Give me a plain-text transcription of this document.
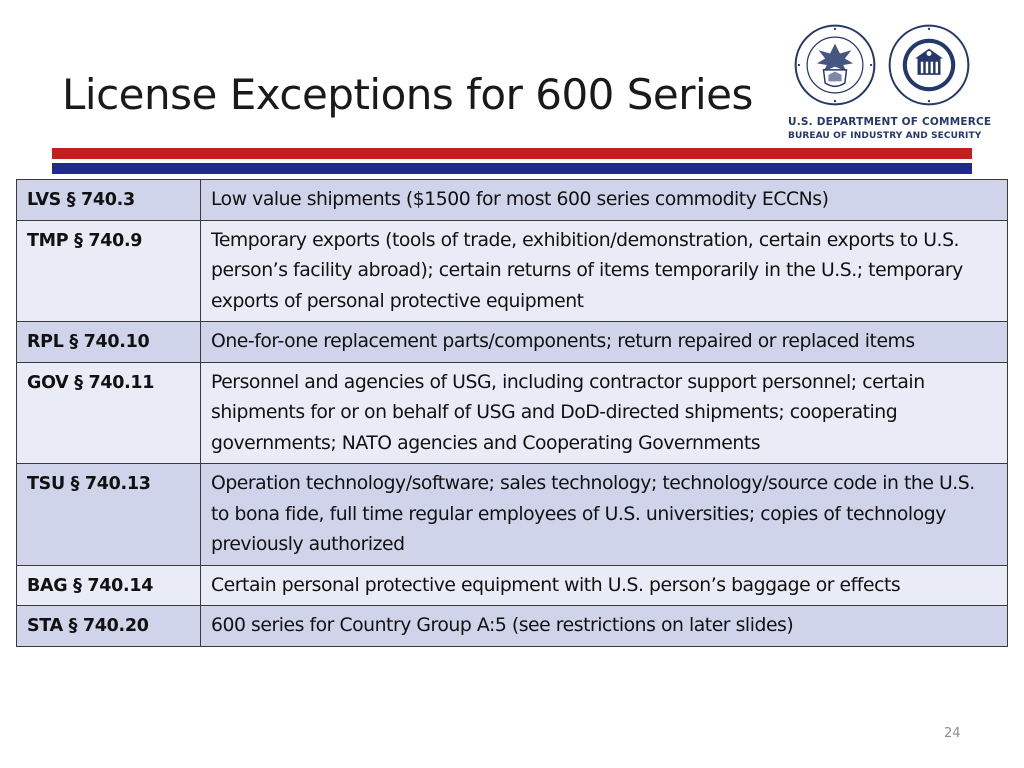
License Exceptions for 600 Series
U.S. DEPARTMENT OF COMMERCE
BUREAU OF INDUSTRY AND SECURITY
LVS § 740.3	Low value shipments ($1500 for most 600 series commodity ECCNs)
TMP § 740.9	Temporary exports (tools of trade, exhibition/demonstration, certain exports to U.S. person’s facility abroad); certain returns of items temporarily in the U.S.; temporary exports of personal protective equipment
RPL § 740.10	One-for-one replacement parts/components; return repaired or replaced items
GOV § 740.11	Personnel and agencies of USG, including contractor support personnel; certain shipments for or on behalf of USG and DoD-directed shipments; cooperating governments; NATO agencies and Cooperating Governments
TSU § 740.13	Operation technology/software; sales technology; technology/source code in the U.S. to bona fide, full time regular employees of U.S. universities; copies of technology previously authorized
BAG § 740.14	Certain personal protective equipment with U.S. person’s baggage or effects
STA § 740.20	600 series for Country Group A:5 (see restrictions on later slides)
24
